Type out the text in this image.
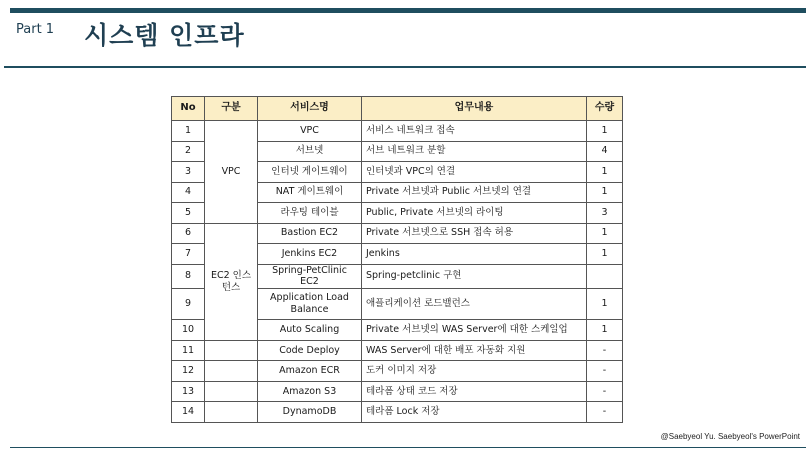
Part 1 시스템 인프라
No	구분	서비스명	업무내용	수량
1	VPC	VPC	서비스 네트워크 접속	1
2		서브넷	서브 네트워크 분할	4
3		인터넷 게이트웨이	인터넷과 VPC의 연결	1
4		NAT 게이트웨이	Private 서브넷과 Public 서브넷의 연결	1
5		라우팅 테이블	Public, Private 서브넷의 라이팅	3
6	EC2 인스턴스	Bastion EC2	Private 서브넷으로 SSH 접속 허용	1
7		Jenkins EC2	Jenkins	1
8		Spring-PetClinic EC2	Spring-petclinic 구현	
9		Application Load Balance	애플리케이션 로드밸런스	1
10		Auto Scaling	Private 서브넷의 WAS Server에 대한 스케일업	1
11		Code Deploy	WAS Server에 대한 배포 자동화 지원	-
12		Amazon ECR	도커 이미지 저장	-
13		Amazon S3	테라폼 상태 코드 저장	-
14		DynamoDB	테라폼 Lock 저장	-
@Saebyeol Yu. Saebyeol's PowerPoint
